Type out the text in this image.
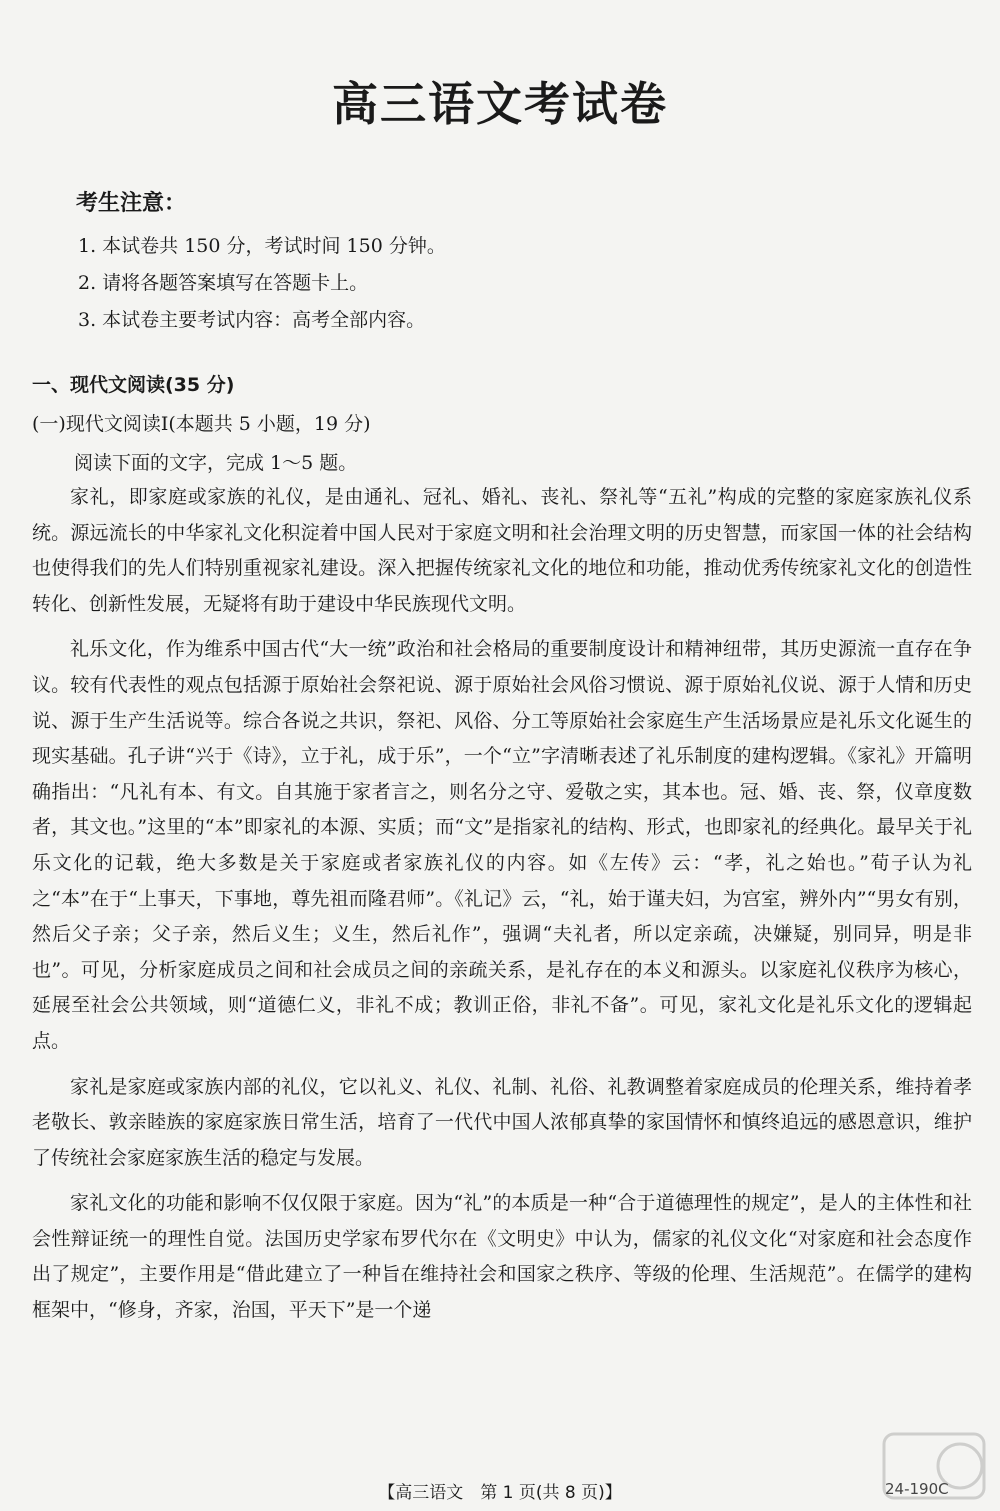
高三语文考试卷
考生注意：
1. 本试卷共 150 分，考试时间 150 分钟。
2. 请将各题答案填写在答题卡上。
3. 本试卷主要考试内容：高考全部内容。
一、现代文阅读(35 分)
(一)现代文阅读Ⅰ(本题共 5 小题，19 分)
阅读下面的文字，完成 1～5 题。

家礼，即家庭或家族的礼仪，是由通礼、冠礼、婚礼、丧礼、祭礼等“五礼”构成的完整的家庭家族礼仪系统。源远流长的中华家礼文化积淀着中国人民对于家庭文明和社会治理文明的历史智慧，而家国一体的社会结构也使得我们的先人们特别重视家礼建设。深入把握传统家礼文化的地位和功能，推动优秀传统家礼文化的创造性转化、创新性发展，无疑将有助于建设中华民族现代文明。

礼乐文化，作为维系中国古代“大一统”政治和社会格局的重要制度设计和精神纽带，其历史源流一直存在争议。较有代表性的观点包括源于原始社会祭祀说、源于原始社会风俗习惯说、源于原始礼仪说、源于人情和历史说、源于生产生活说等。综合各说之共识，祭祀、风俗、分工等原始社会家庭生产生活场景应是礼乐文化诞生的现实基础。孔子讲“兴于《诗》，立于礼，成于乐”，一个“立”字清晰表述了礼乐制度的建构逻辑。《家礼》开篇明确指出：“凡礼有本、有文。自其施于家者言之，则名分之守、爱敬之实，其本也。冠、婚、丧、祭，仪章度数者，其文也。”这里的“本”即家礼的本源、实质；而“文”是指家礼的结构、形式，也即家礼的经典化。最早关于礼乐文化的记载，绝大多数是关于家庭或者家族礼仪的内容。如《左传》云：“孝，礼之始也。”荀子认为礼之“本”在于“上事天，下事地，尊先祖而隆君师”。《礼记》云，“礼，始于谨夫妇，为宫室，辨外内”“男女有别，然后父子亲；父子亲，然后义生；义生，然后礼作”，强调“夫礼者，所以定亲疏，决嫌疑，别同异，明是非也”。可见，分析家庭成员之间和社会成员之间的亲疏关系，是礼存在的本义和源头。以家庭礼仪秩序为核心，延展至社会公共领域，则“道德仁义，非礼不成；教训正俗，非礼不备”。可见，家礼文化是礼乐文化的逻辑起点。

家礼是家庭或家族内部的礼仪，它以礼义、礼仪、礼制、礼俗、礼教调整着家庭成员的伦理关系，维持着孝老敬长、敦亲睦族的家庭家族日常生活，培育了一代代中国人浓郁真挚的家国情怀和慎终追远的感恩意识，维护了传统社会家庭家族生活的稳定与发展。

家礼文化的功能和影响不仅仅限于家庭。因为“礼”的本质是一种“合于道德理性的规定”，是人的主体性和社会性辩证统一的理性自觉。法国历史学家布罗代尔在《文明史》中认为，儒家的礼仪文化“对家庭和社会态度作出了规定”，主要作用是“借此建立了一种旨在维持社会和国家之秩序、等级的伦理、生活规范”。在儒学的建构框架中，“修身，齐家，治国，平天下”是一个递

【高三语文　第 1 页(共 8 页)】	24-190C
